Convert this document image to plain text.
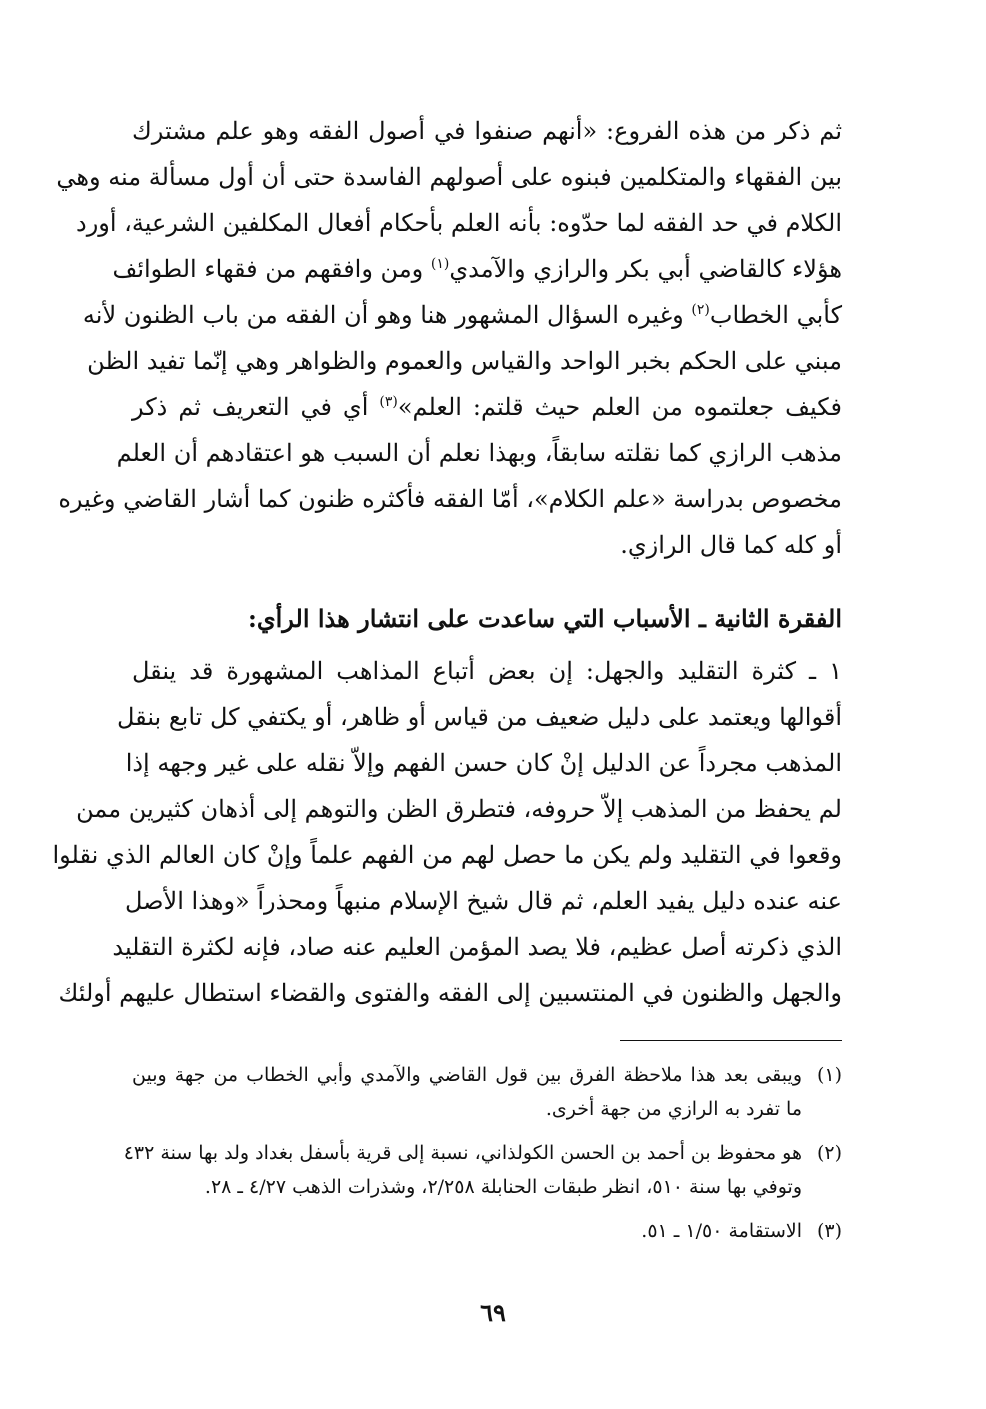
ثم ذكر من هذه الفروع: «أنهم صنفوا في أصول الفقه وهو علم مشترك
بين الفقهاء والمتكلمين فبنوه على أصولهم الفاسدة حتى أن أول مسألة منه وهي
الكلام في حد الفقه لما حدّوه: بأنه العلم بأحكام أفعال المكلفين الشرعية، أورد
هؤلاء كالقاضي أبي بكر والرازي والآمدي$^{(١)}$ ومن وافقهم من فقهاء الطوائف
كأبي الخطاب$^{(٢)}$ وغيره السؤال المشهور هنا وهو أن الفقه من باب الظنون لأنه
مبني على الحكم بخبر الواحد والقياس والعموم والظواهر وهي إنّما تفيد الظن
فكيف جعلتموه من العلم حيث قلتم: العلم»$^{(٣)}$ أي في التعريف ثم ذكر
مذهب الرازي كما نقلته سابقاً، وبهذا نعلم أن السبب هو اعتقادهم أن العلم
مخصوص بدراسة «علم الكلام»، أمّا الفقه فأكثره ظنون كما أشار القاضي وغيره
أو كله كما قال الرازي.
الفقرة الثانية ـ الأسباب التي ساعدت على انتشار هذا الرأي:
١ ـ كثرة التقليد والجهل: إن بعض أتباع المذاهب المشهورة قد ينقل
أقوالها ويعتمد على دليل ضعيف من قياس أو ظاهر، أو يكتفي كل تابع بنقل
المذهب مجرداً عن الدليل إنْ كان حسن الفهم وإلاّ نقله على غير وجهه إذا
لم يحفظ من المذهب إلاّ حروفه، فتطرق الظن والتوهم إلى أذهان كثيرين ممن
وقعوا في التقليد ولم يكن ما حصل لهم من الفهم علماً وإنْ كان العالم الذي نقلوا
عنه عنده دليل يفيد العلم، ثم قال شيخ الإسلام منبهاً ومحذراً «وهذا الأصل
الذي ذكرته أصل عظيم، فلا يصد المؤمن العليم عنه صاد، فإنه لكثرة التقليد
والجهل والظنون في المنتسبين إلى الفقه والفتوى والقضاء استطال عليهم أولئك
(١)
ويبقى بعد هذا ملاحظة الفرق بين قول القاضي والآمدي وأبي الخطاب من جهة وبين
ما تفرد به الرازي من جهة أخرى.
(٢)
هو محفوظ بن أحمد بن الحسن الكولذاني، نسبة إلى قرية بأسفل بغداد ولد بها سنة ٤٣٢
وتوفي بها سنة ٥١٠، انظر طبقات الحنابلة ٢/٢٥٨، وشذرات الذهب ٤/٢٧ ـ ٢٨.
(٣)
الاستقامة ١/٥٠ ـ ٥١.
٦٩
